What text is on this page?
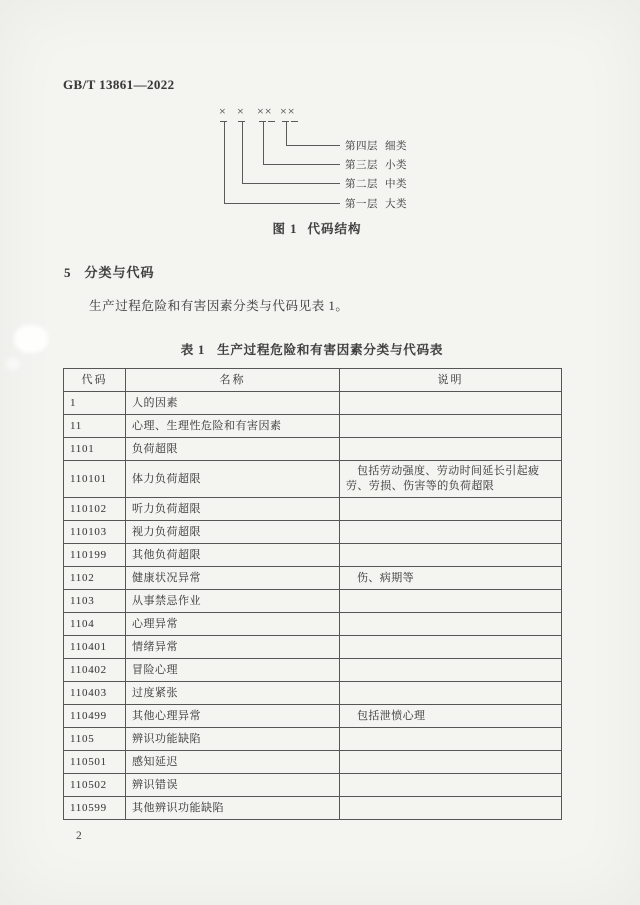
GB/T 13861—2022
× × ×× ××
第四层 细类
第三层 小类
第二层 中类
第一层 大类
图 1 代码结构
5 分类与代码
生产过程危险和有害因素分类与代码见表 1。
表 1 生产过程危险和有害因素分类与代码表
代码	名称	说明
1	人的因素	
11	心理、生理性危险和有害因素	
1101	负荷超限	
110101	体力负荷超限	包括劳动强度、劳动时间延长引起疲劳、劳损、伤害等的负荷超限
110102	听力负荷超限	
110103	视力负荷超限	
110199	其他负荷超限	
1102	健康状况异常	伤、病期等
1103	从事禁忌作业	
1104	心理异常	
110401	情绪异常	
110402	冒险心理	
110403	过度紧张	
110499	其他心理异常	包括泄愤心理
1105	辨识功能缺陷	
110501	感知延迟	
110502	辨识错误	
110599	其他辨识功能缺陷	
2
